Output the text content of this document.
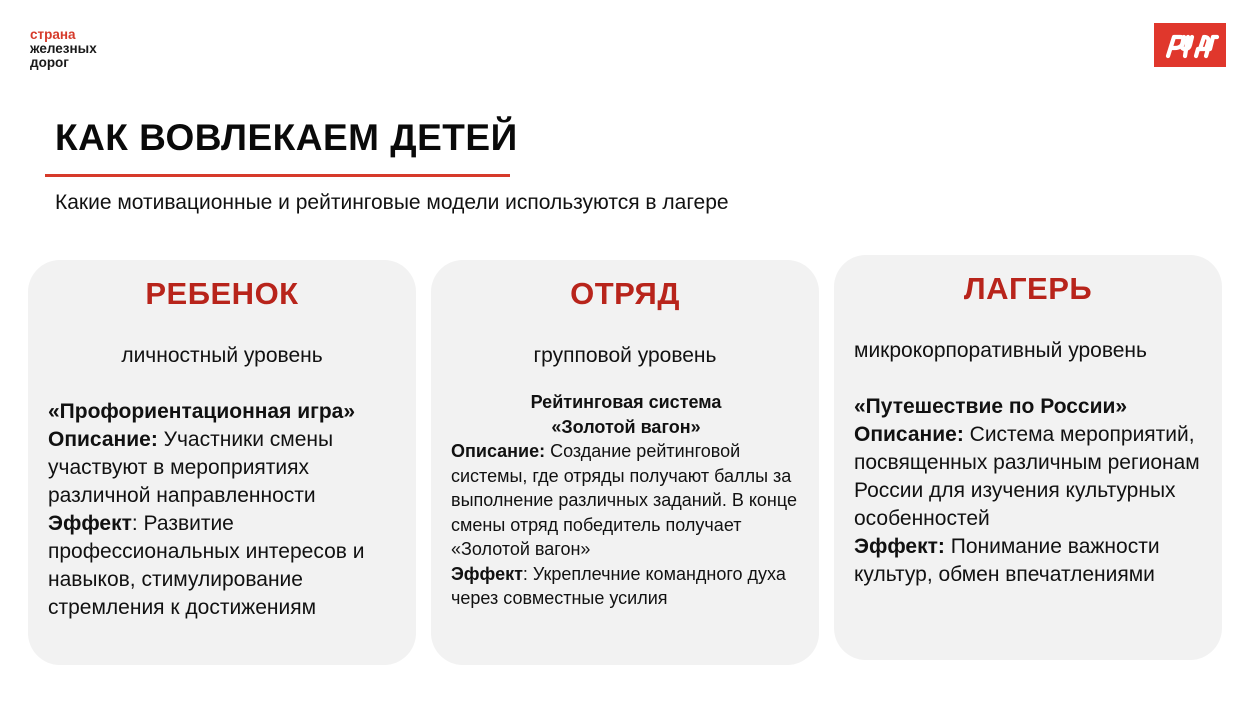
страна
железных
дорог
КАК ВОВЛЕКАЕМ ДЕТЕЙ

Какие мотивационные и рейтинговые модели используются в лагере

РЕБЕНОК

личностный уровень

«Профориентационная игра»

Описание: Участники смены участвуют в мероприятиях различной направленности

Эффект: Развитие профессиональных интересов и навыков, стимулирование стремления к достижениям

ОТРЯД

групповой уровень

Рейтинговая система

«Золотой вагон»

Описание: Создание рейтинговой системы, где отряды получают баллы за выполнение различных заданий. В конце смены отряд победитель получает «Золотой вагон»

Эффект: Укреплечние командного духа через совместные усилия

ЛАГЕРЬ

микрокорпоративный уровень

«Путешествие по России»

Описание: Система мероприятий, посвященных различным регионам России для изучения культурных особенностей

Эффект: Понимание важности культур, обмен впечатлениями
